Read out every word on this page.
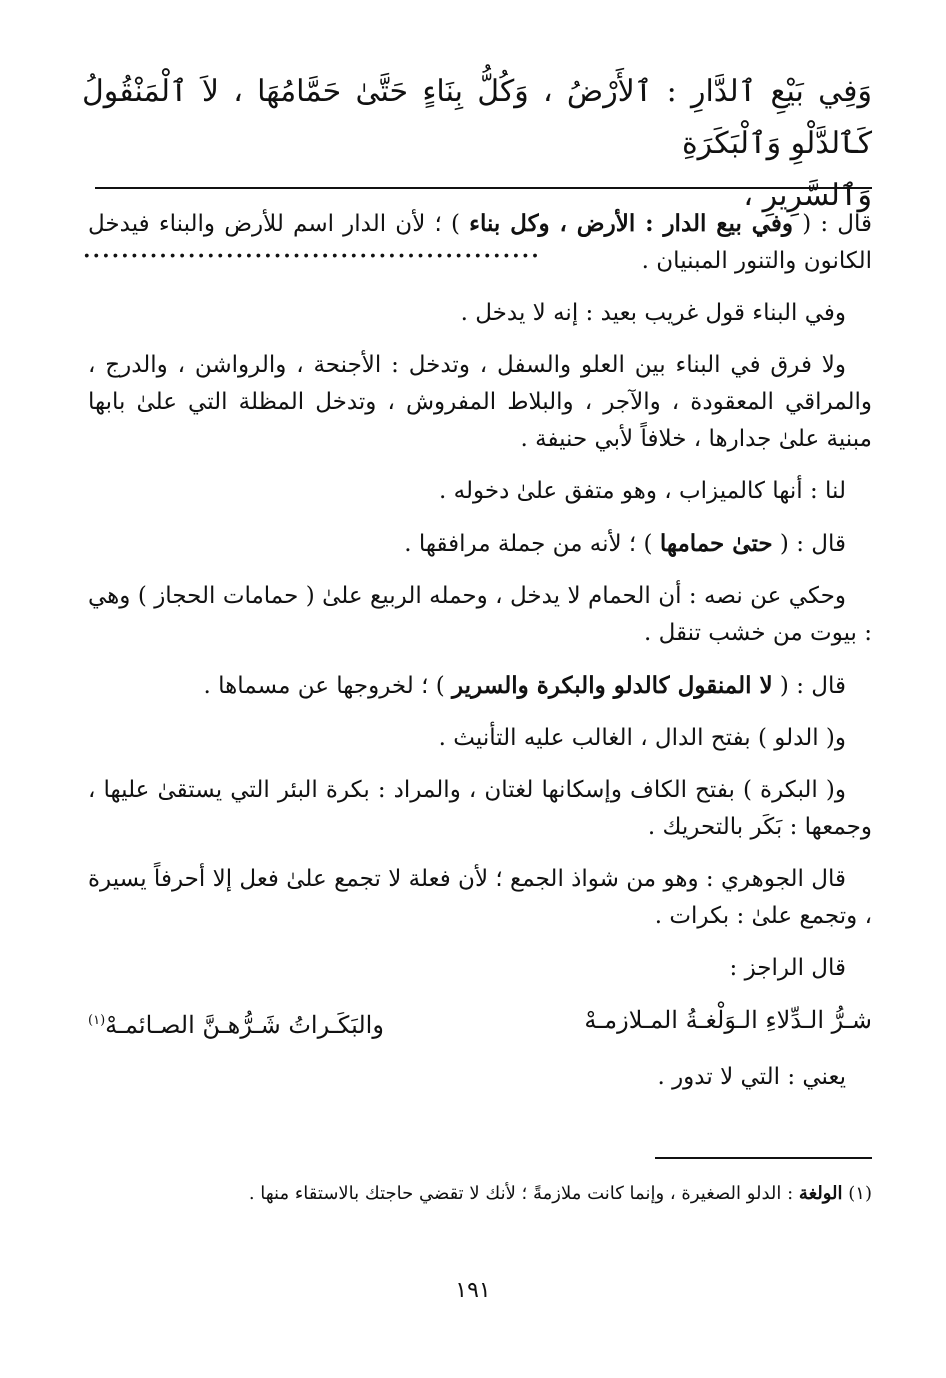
وَفِي بَيْعِ ٱلدَّارِ : ٱلأَرْضُ ، وَكُلُّ بِنَاءٍ حَتَّىٰ حَمَّامُهَا ، لاَ ٱلْمَنْقُولُ كَٱلدَّلْوِ وَٱلْبَكَرَةِ
وَٱلسَّرِيرِ ،
................................................

قال : ( وفي بيع الدار : الأرض ، وكل بناء ) ؛ لأن الدار اسم للأرض والبناء فيدخل الكانون والتنور المبنيان .

وفي البناء قول غريب بعيد : إنه لا يدخل .

ولا فرق في البناء بين العلو والسفل ، وتدخل : الأجنحة ، والرواشن ، والدرج ، والمراقي المعقودة ، والآجر ، والبلاط المفروش ، وتدخل المظلة التي علىٰ بابها مبنية علىٰ جدارها ، خلافاً لأبي حنيفة .

لنا : أنها كالميزاب ، وهو متفق علىٰ دخوله .

قال : ( حتىٰ حمامها ) ؛ لأنه من جملة مرافقها .

وحكي عن نصه : أن الحمام لا يدخل ، وحمله الربيع علىٰ ( حمامات الحجاز ) وهي : بيوت من خشب تنقل .

قال : ( لا المنقول كالدلو والبكرة والسرير ) ؛ لخروجها عن مسماها .

و( الدلو ) بفتح الدال ، الغالب عليه التأنيث .

و( البكرة ) بفتح الكاف وإسكانها لغتان ، والمراد : بكرة البئر التي يستقىٰ عليها ، وجمعها : بَكَر بالتحريك .

قال الجوهري : وهو من شواذ الجمع ؛ لأن فعلة لا تجمع علىٰ فعل إلا أحرفاً يسيرة ، وتجمع علىٰ : بكرات .

قال الراجز :

شـرُّ الـدِّلاءِ الـوَلْغـةُ المـلازمـهْ
والبَكَـراتُ شَـرُّهـنَّ الصـائمـهْ$^{(١)}$

يعني : التي لا تدور .

(١) الولغة : الدلو الصغيرة ، وإنما كانت ملازمةً ؛ لأنك لا تقضي حاجتك بالاستقاء منها .
١٩١
